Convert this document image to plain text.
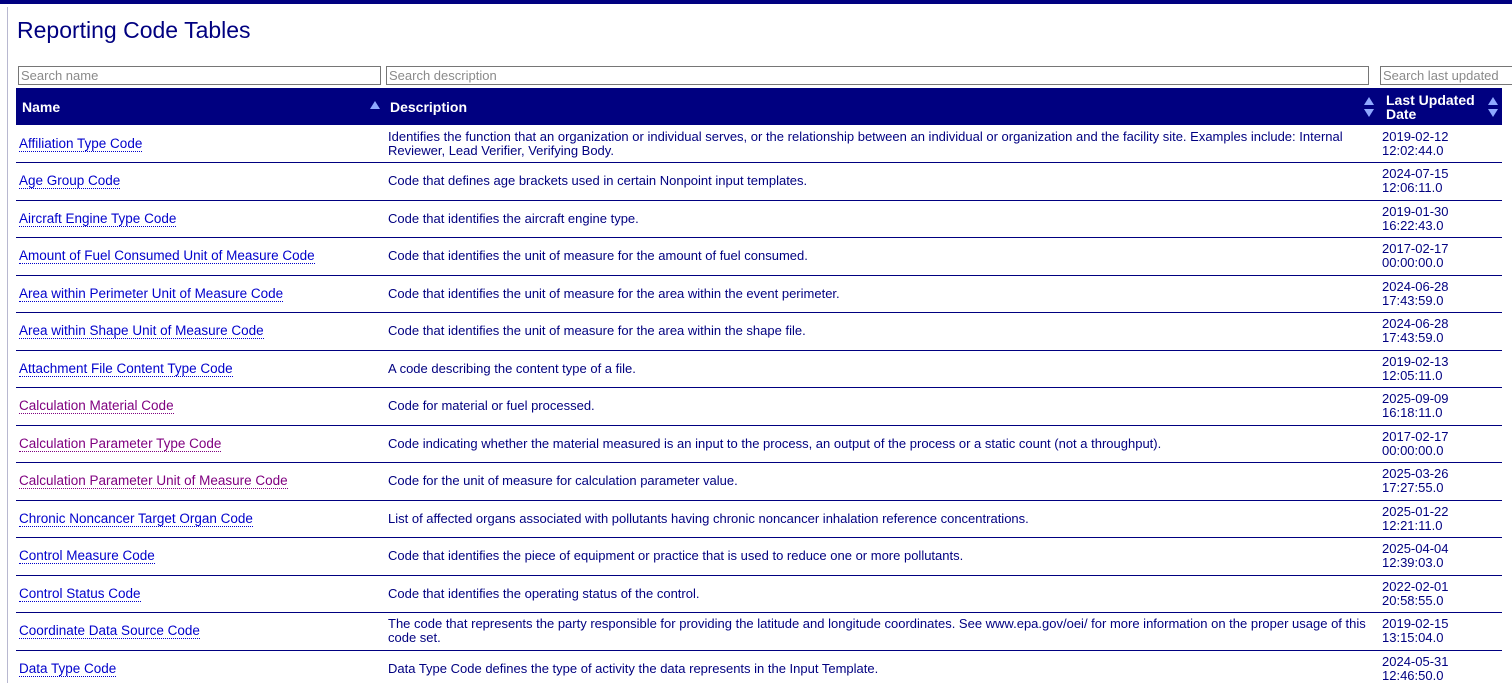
Reporting Code Tables
Search name
Search description
Search last updated
Name	Description	Last Updated
Date

Affiliation Type Code	Identifies the function that an organization or individual serves, or the relationship between an individual or organization and the facility site. Examples include: Internal Reviewer, Lead Verifier, Verifying Body.	2019-02-12
12:02:44.0
Age Group Code	Code that defines age brackets used in certain Nonpoint input templates.	2024-07-15
12:06:11.0
Aircraft Engine Type Code	Code that identifies the aircraft engine type.	2019-01-30
16:22:43.0
Amount of Fuel Consumed Unit of Measure Code	Code that identifies the unit of measure for the amount of fuel consumed.	2017-02-17
00:00:00.0
Area within Perimeter Unit of Measure Code	Code that identifies the unit of measure for the area within the event perimeter.	2024-06-28
17:43:59.0
Area within Shape Unit of Measure Code	Code that identifies the unit of measure for the area within the shape file.	2024-06-28
17:43:59.0
Attachment File Content Type Code	A code describing the content type of a file.	2019-02-13
12:05:11.0
Calculation Material Code	Code for material or fuel processed.	2025-09-09
16:18:11.0
Calculation Parameter Type Code	Code indicating whether the material measured is an input to the process, an output of the process or a static count (not a throughput).	2017-02-17
00:00:00.0
Calculation Parameter Unit of Measure Code	Code for the unit of measure for calculation parameter value.	2025-03-26
17:27:55.0
Chronic Noncancer Target Organ Code	List of affected organs associated with pollutants having chronic noncancer inhalation reference concentrations.	2025-01-22
12:21:11.0
Control Measure Code	Code that identifies the piece of equipment or practice that is used to reduce one or more pollutants.	2025-04-04
12:39:03.0
Control Status Code	Code that identifies the operating status of the control.	2022-02-01
20:58:55.0
Coordinate Data Source Code	The code that represents the party responsible for providing the latitude and longitude coordinates. See www.epa.gov/oei/ for more information on the proper usage of this code set.	2019-02-15
13:15:04.0
Data Type Code	Data Type Code defines the type of activity the data represents in the Input Template.	2024-05-31
12:46:50.0
